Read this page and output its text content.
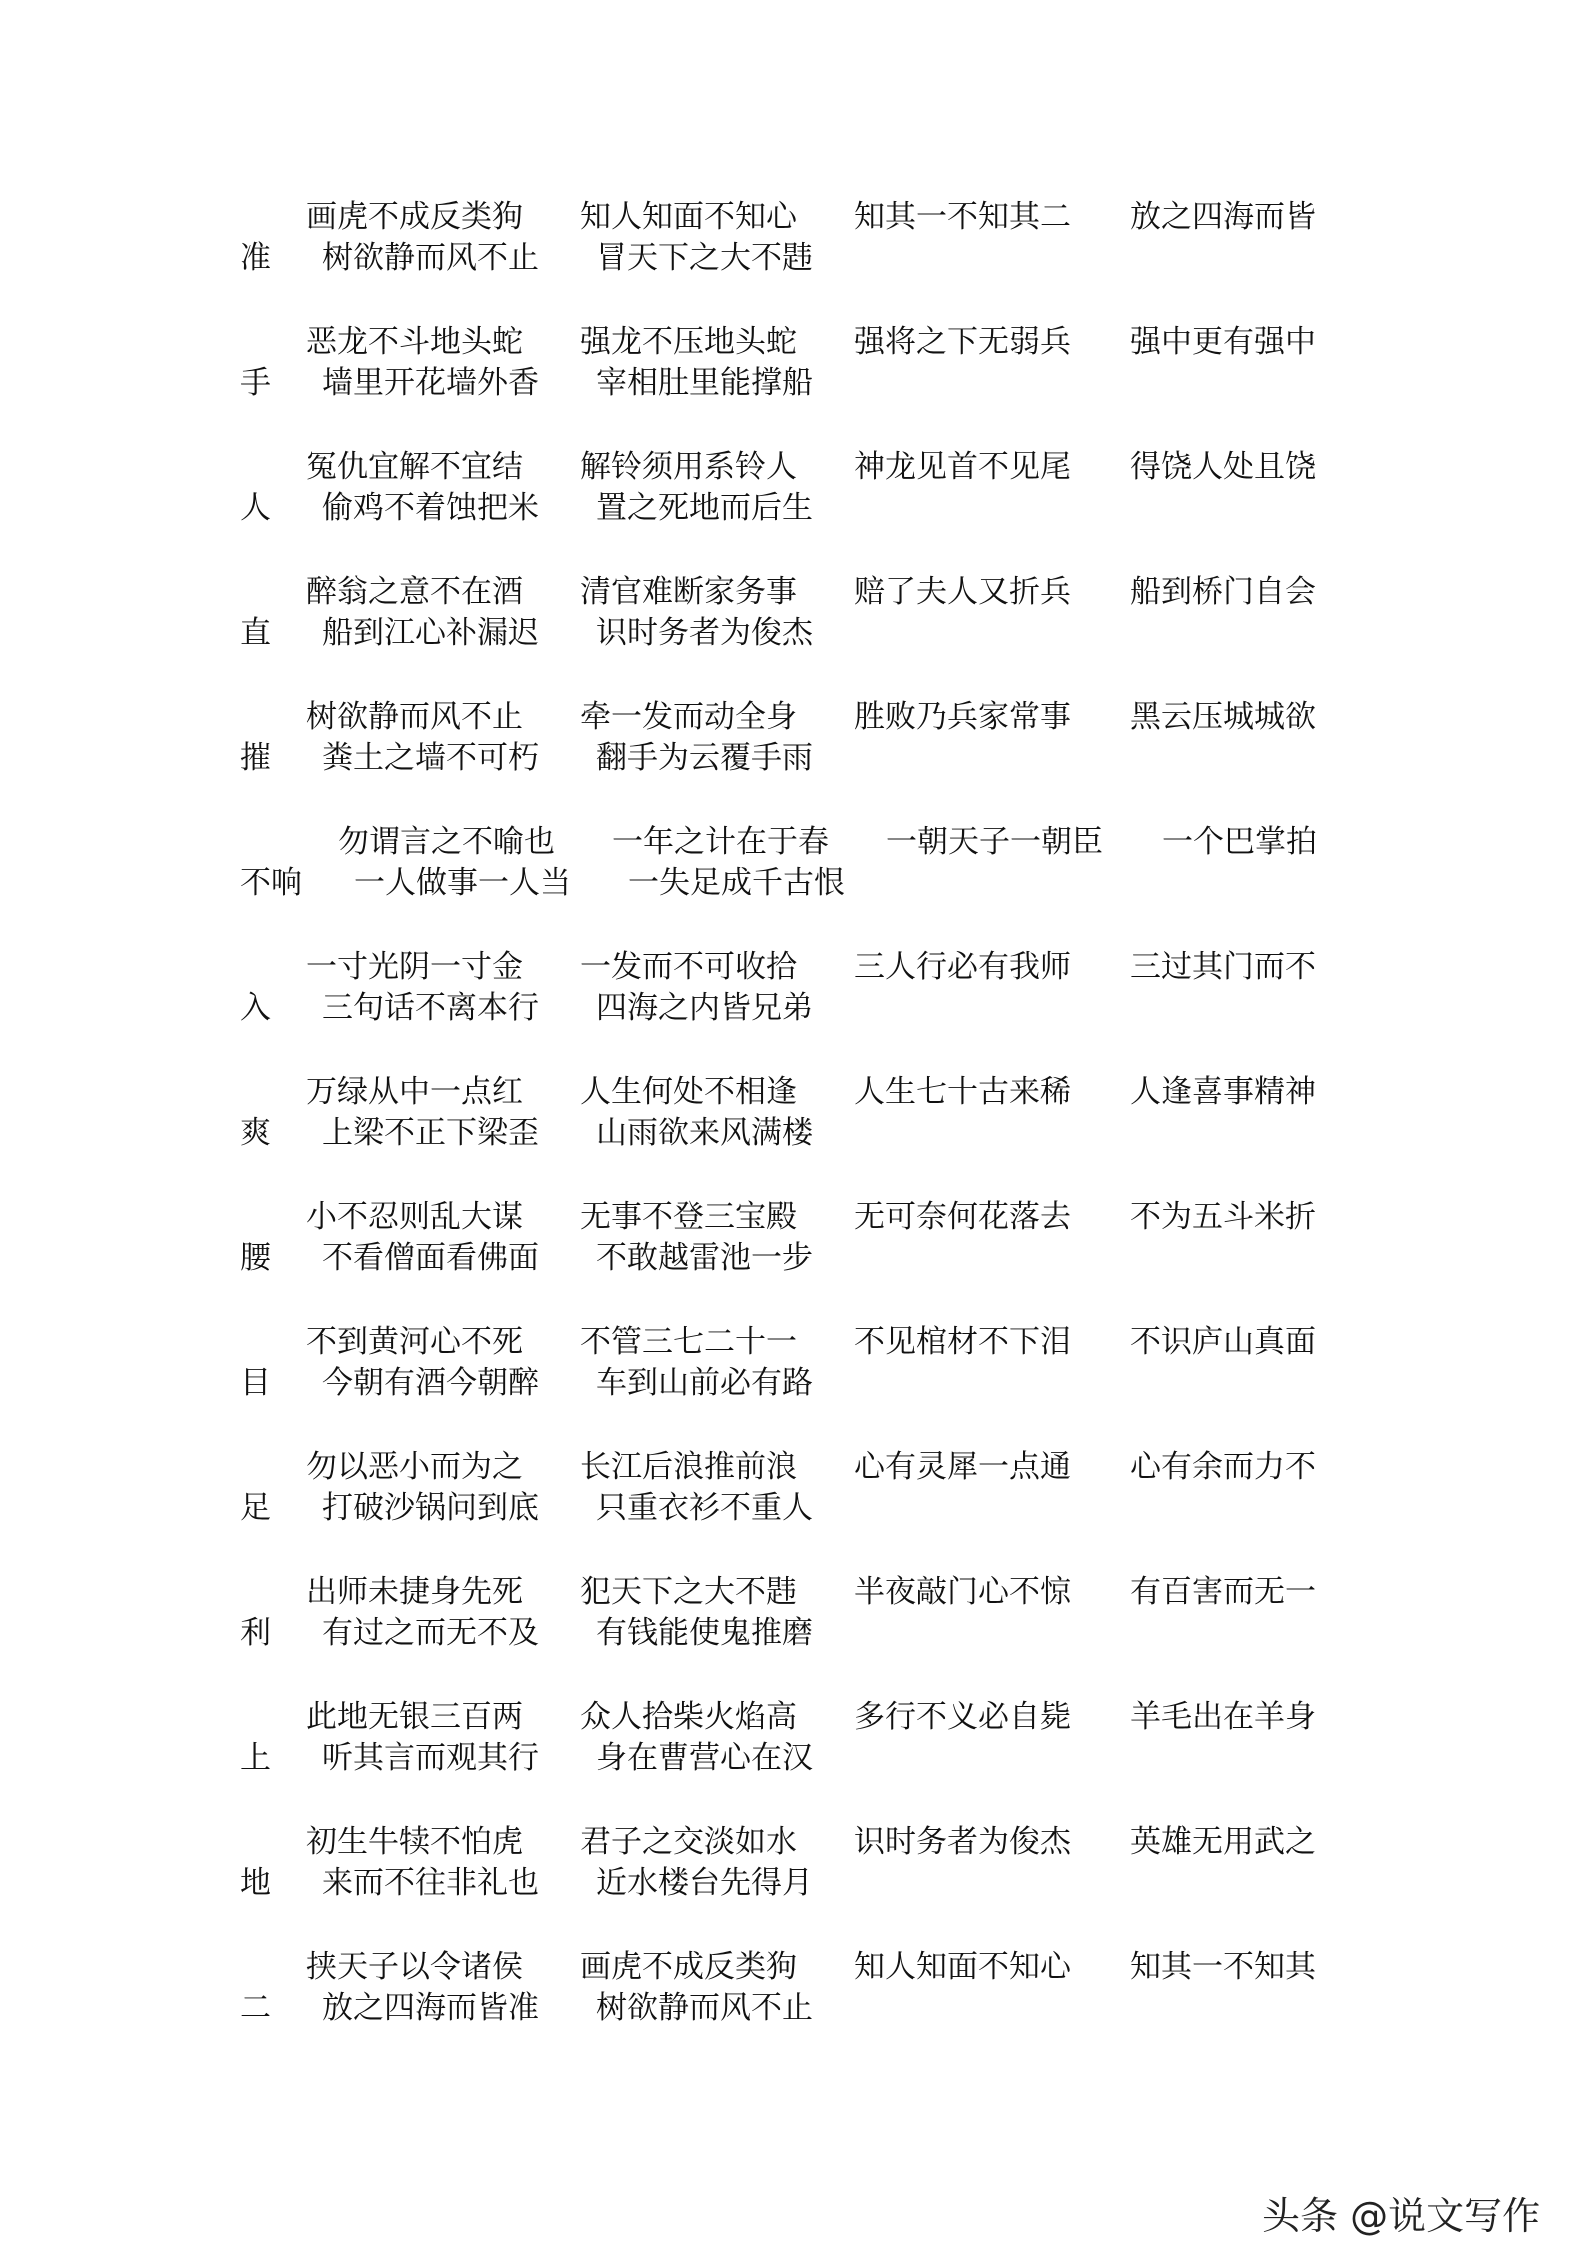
画虎不成反类狗 知人知面不知心 知其一不知其二 放之四海而皆
准 树欲静而风不止 冒天下之大不韪
恶龙不斗地头蛇 强龙不压地头蛇 强将之下无弱兵 强中更有强中
手 墙里开花墙外香 宰相肚里能撑船
冤仇宜解不宜结 解铃须用系铃人 神龙见首不见尾 得饶人处且饶
人 偷鸡不着蚀把米 置之死地而后生
醉翁之意不在酒 清官难断家务事 赔了夫人又折兵 船到桥门自会
直 船到江心补漏迟 识时务者为俊杰
树欲静而风不止 牵一发而动全身 胜败乃兵家常事 黑云压城城欲
摧 粪土之墙不可朽 翻手为云覆手雨
勿谓言之不喻也 一年之计在于春 一朝天子一朝臣 一个巴掌拍
不响 一人做事一人当 一失足成千古恨
一寸光阴一寸金 一发而不可收拾 三人行必有我师 三过其门而不
入 三句话不离本行 四海之内皆兄弟
万绿从中一点红 人生何处不相逢 人生七十古来稀 人逢喜事精神
爽 上梁不正下梁歪 山雨欲来风满楼
小不忍则乱大谋 无事不登三宝殿 无可奈何花落去 不为五斗米折
腰 不看僧面看佛面 不敢越雷池一步
不到黄河心不死 不管三七二十一 不见棺材不下泪 不识庐山真面
目 今朝有酒今朝醉 车到山前必有路
勿以恶小而为之 长江后浪推前浪 心有灵犀一点通 心有余而力不
足 打破沙锅问到底 只重衣衫不重人
出师未捷身先死 犯天下之大不韪 半夜敲门心不惊 有百害而无一
利 有过之而无不及 有钱能使鬼推磨
此地无银三百两 众人拾柴火焰高 多行不义必自毙 羊毛出在羊身
上 听其言而观其行 身在曹营心在汉
初生牛犊不怕虎 君子之交淡如水 识时务者为俊杰 英雄无用武之
地 来而不往非礼也 近水楼台先得月
挟天子以令诸侯 画虎不成反类狗 知人知面不知心 知其一不知其
二 放之四海而皆准 树欲静而风不止
头条 @说文写作
